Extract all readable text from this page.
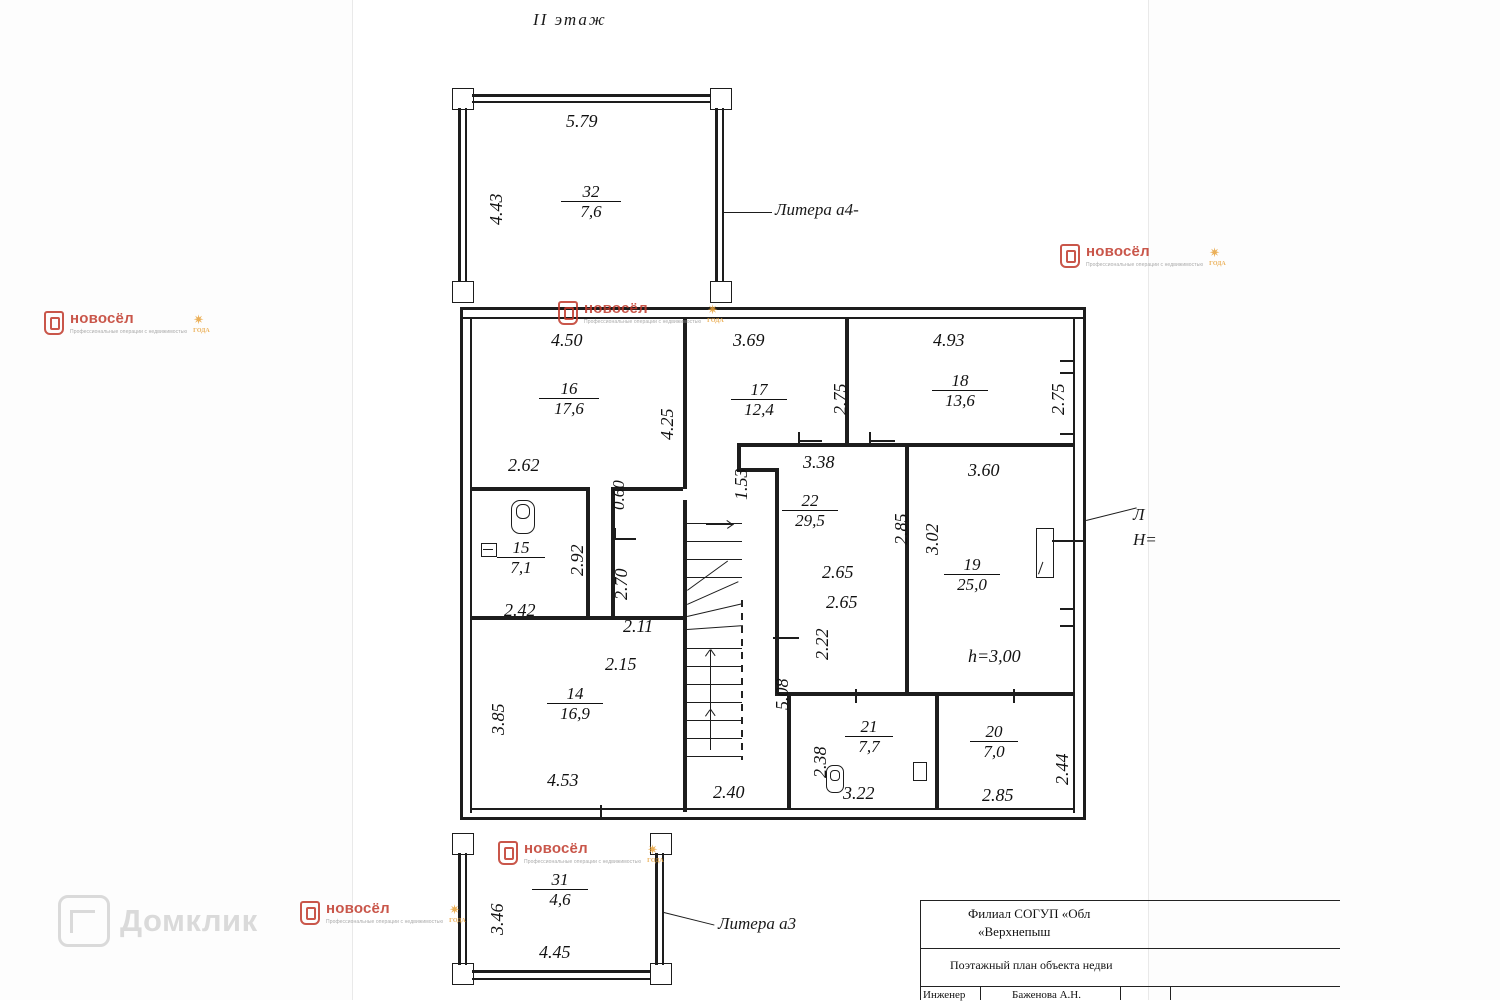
II этаж
5.79
4.43
32
7,6	Литера а4-
Л
H=
16
17,6
17
12,4
18
13,6
15
7,1
22
29,5
19
25,0
14
16,9
21
7,7
20
7,0
h=3,00
4.50	3.69	4.93
2.75	2.75
4.25
2.62
0.60	1.53
3.38
2.92
2.70
2.42
2.11
2.15
2.85 3.02
3.60
2.65
2.65
2.22
5.08
3.85
4.53
2.40
2.38
3.22	2.85
2.44
3.46
4.45
31
4,6
Литера а3
Филиал СОГУП «Обл
«Верхнепыш
Поэтажный план объекта недви
Инженер	Баженова А.Н.
новосёл
Профессиональные операции с недвижимостью
✷
ГОДА
новосёл
Профессиональные операции с недвижимостью
✷
ГОДА
новосёл
Профессиональные операции с недвижимостью
✷
ГОДА
новосёл
Профессиональные операции с недвижимостью
✷
ГОДА
новосёл
Профессиональные операции с недвижимостью
✷
ГОДА
Домклик
